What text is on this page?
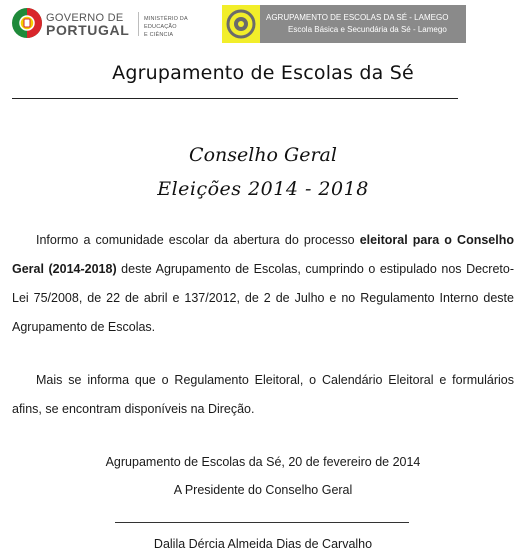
GOVERNO DE
PORTUGAL
MINISTÉRIO DA EDUCAÇÃO
E CIÊNCIA
AGRUPAMENTO DE ESCOLAS DA SÉ - LAMEGO
Escola Básica e Secundária da Sé - Lamego
Agrupamento de Escolas da Sé
Conselho Geral
Eleições 2014 - 2018
Informo a comunidade escolar da abertura do processo eleitoral para o Conselho Geral (2014-2018) deste Agrupamento de Escolas, cumprindo o estipulado nos Decreto-Lei 75/2008, de 22 de abril e 137/2012, de 2 de Julho e no Regulamento Interno deste Agrupamento de Escolas.
Mais se informa que o Regulamento Eleitoral, o Calendário Eleitoral e formulários afins, se encontram disponíveis na Direção.
Agrupamento de Escolas da Sé, 20 de fevereiro de 2014
A Presidente do Conselho Geral
Dalila Dércia Almeida Dias de Carvalho
